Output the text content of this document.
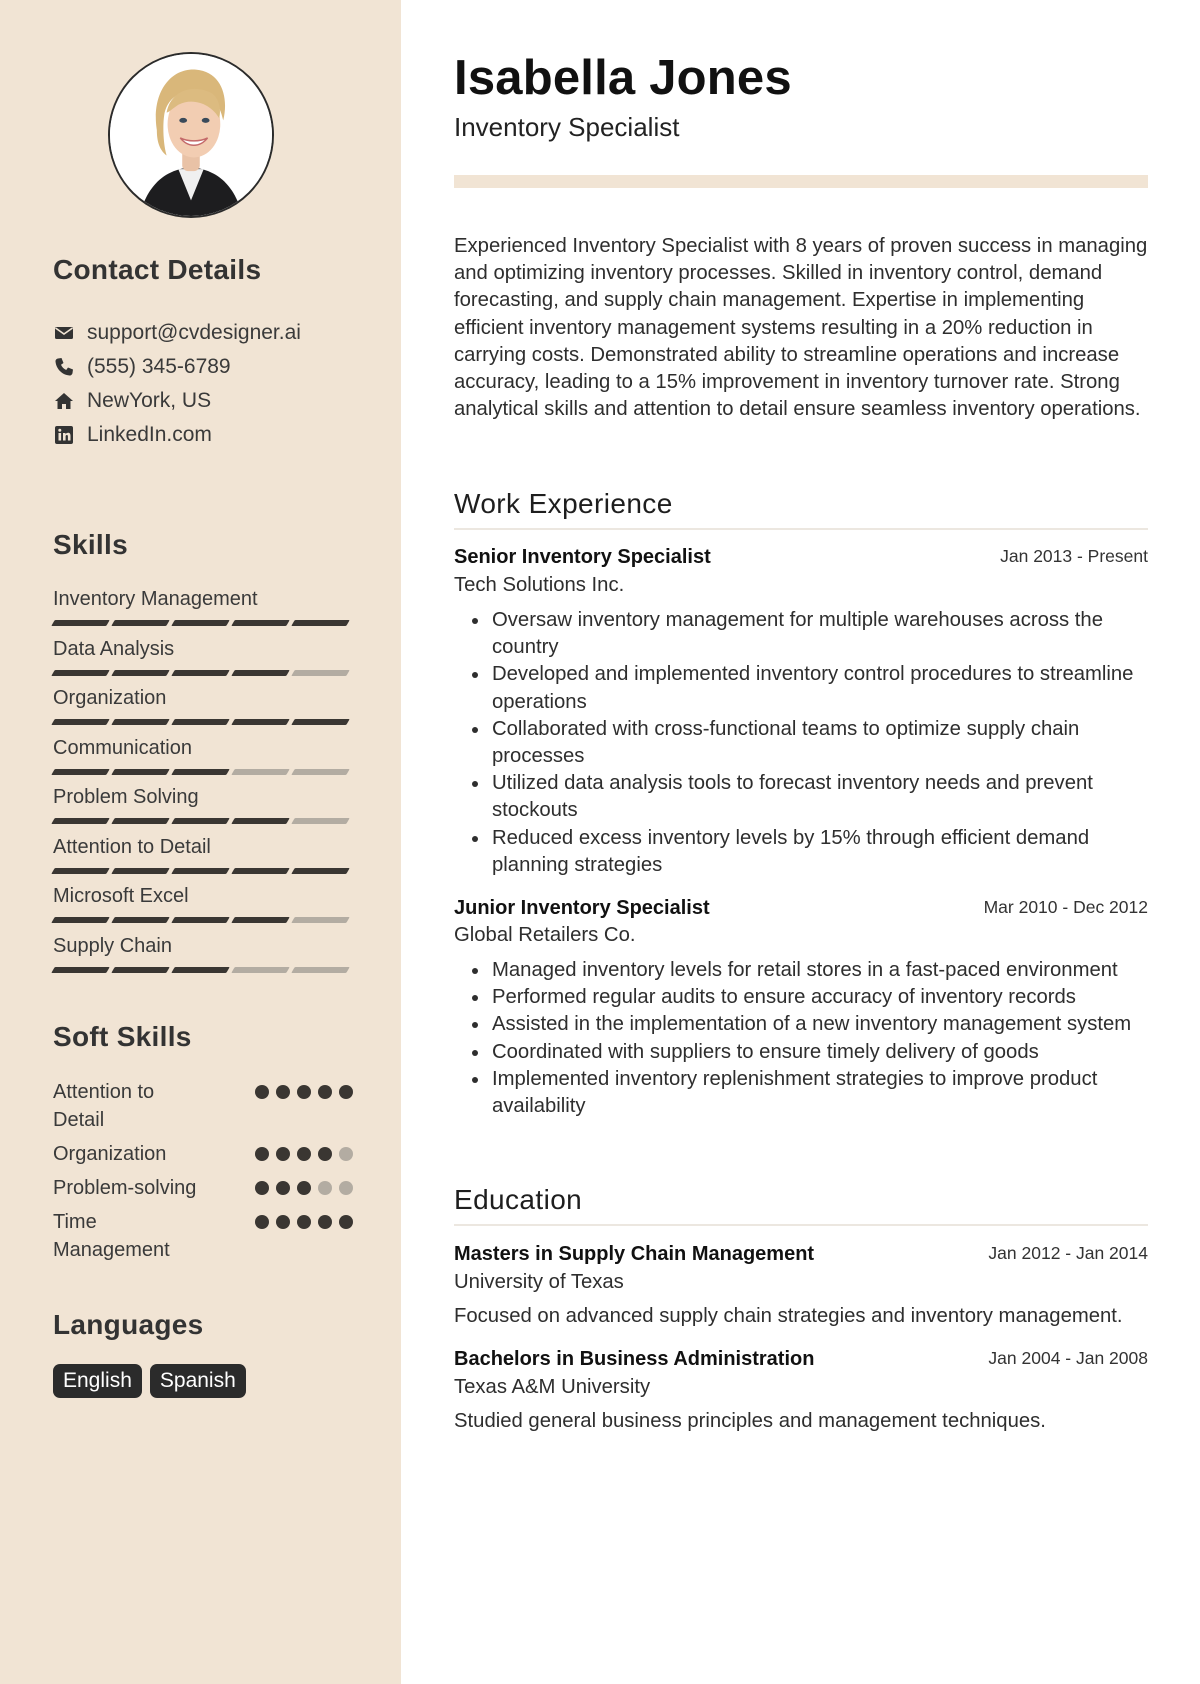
Contact Details
support@cvdesigner.ai
(555) 345-6789
NewYork, US
LinkedIn.com
Skills
Inventory Management
Data Analysis
Organization
Communication
Problem Solving
Attention to Detail
Microsoft Excel
Supply Chain
Soft Skills
Attention to Detail
Organization
Problem-solving
Time Management
Languages
English	Spanish
Isabella Jones
Inventory Specialist
Experienced Inventory Specialist with 8 years of proven success in managing and optimizing inventory processes. Skilled in inventory control, demand forecasting, and supply chain management. Expertise in implementing efficient inventory management systems resulting in a 20% reduction in carrying costs. Demonstrated ability to streamline operations and increase accuracy, leading to a 15% improvement in inventory turnover rate. Strong analytical skills and attention to detail ensure seamless inventory operations.
Work Experience
Senior Inventory Specialist	Jan 2013 - Present
Tech Solutions Inc.
Oversaw inventory management for multiple warehouses across the country
Developed and implemented inventory control procedures to streamline operations
Collaborated with cross-functional teams to optimize supply chain processes
Utilized data analysis tools to forecast inventory needs and prevent stockouts
Reduced excess inventory levels by 15% through efficient demand planning strategies
Junior Inventory Specialist	Mar 2010 - Dec 2012
Global Retailers Co.
Managed inventory levels for retail stores in a fast-paced environment
Performed regular audits to ensure accuracy of inventory records
Assisted in the implementation of a new inventory management system
Coordinated with suppliers to ensure timely delivery of goods
Implemented inventory replenishment strategies to improve product availability
Education
Masters in Supply Chain Management	Jan 2012 - Jan 2014
University of Texas
Focused on advanced supply chain strategies and inventory management.
Bachelors in Business Administration	Jan 2004 - Jan 2008
Texas A&M University
Studied general business principles and management techniques.
